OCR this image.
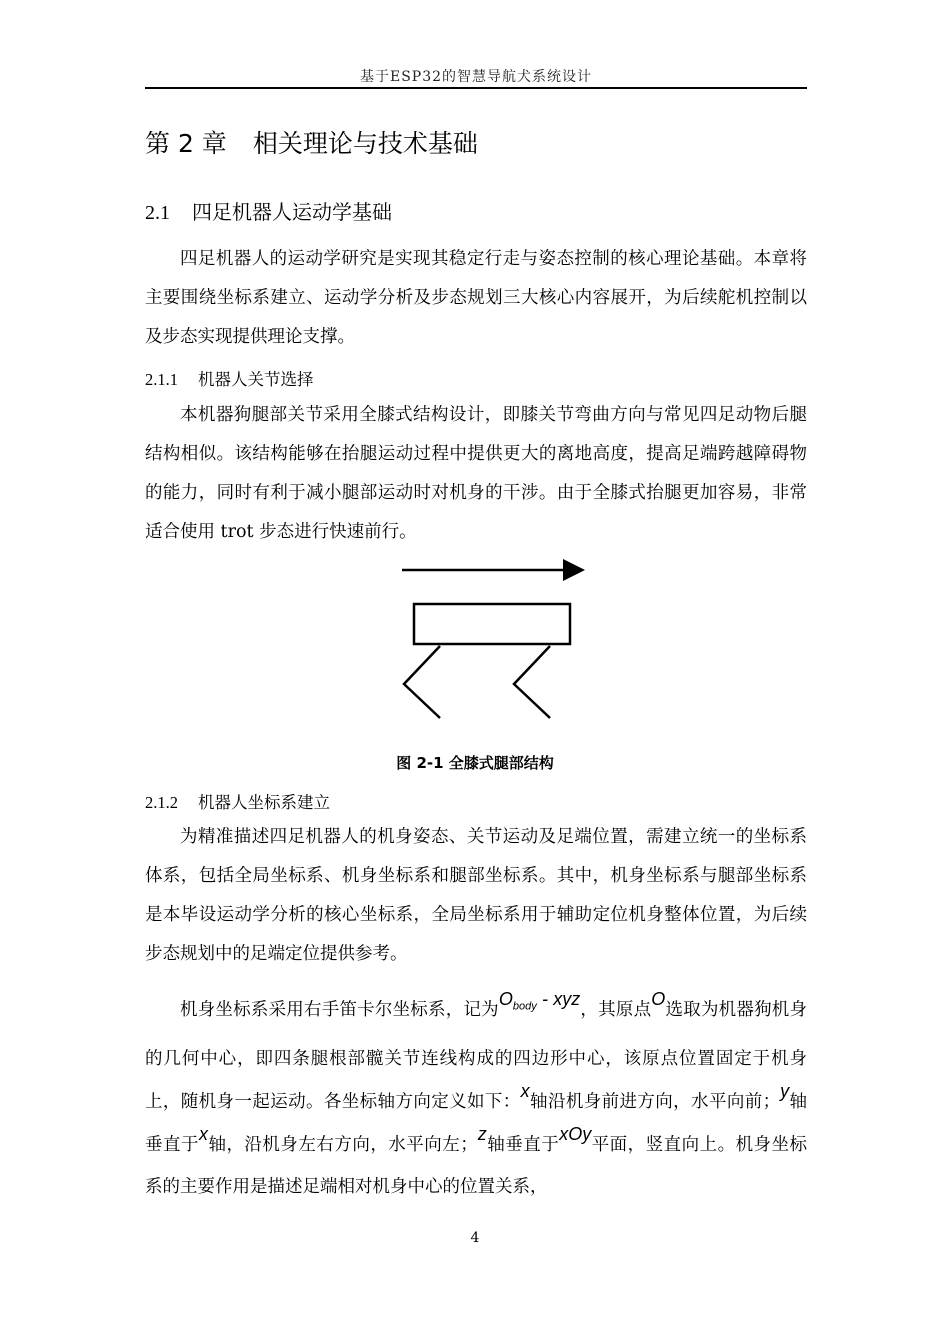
基于ESP32的智慧导航犬系统设计
第 2 章 相关理论与技术基础
2.1 四足机器人运动学基础

四足机器人的运动学研究是实现其稳定行走与姿态控制的核心理论基础。本章将主要围绕坐标系建立、运动学分析及步态规划三大核心内容展开，为后续舵机控制以及步态实现提供理论支撑。

2.1.1 机器人关节选择

本机器狗腿部关节采用全膝式结构设计，即膝关节弯曲方向与常见四足动物后腿结构相似。该结构能够在抬腿运动过程中提供更大的离地高度，提高足端跨越障碍物的能力，同时有利于减小腿部运动时对机身的干涉。由于全膝式抬腿更加容易，非常适合使用 trot 步态进行快速前行。

图 2-1 全膝式腿部结构
2.1.2 机器人坐标系建立

为精准描述四足机器人的机身姿态、关节运动及足端位置，需建立统一的坐标系体系，包括全局坐标系、机身坐标系和腿部坐标系。其中，机身坐标系与腿部坐标系是本毕设运动学分析的核心坐标系，全局坐标系用于辅助定位机身整体位置，为后续步态规划中的足端定位提供参考。

机身坐标系采用右手笛卡尔坐标系，记为$O_{body}$ - xyz，其原点O选取为机器狗机身的几何中心，即四条腿根部髋关节连线构成的四边形中心，该原点位置固定于机身上，随机身一起运动。各坐标轴方向定义如下：x轴沿机身前进方向，水平向前；y轴垂直于x轴，沿机身左右方向，水平向左；z轴垂直于xOy平面，竖直向上。机身坐标系的主要作用是描述足端相对机身中心的位置关系，

4
